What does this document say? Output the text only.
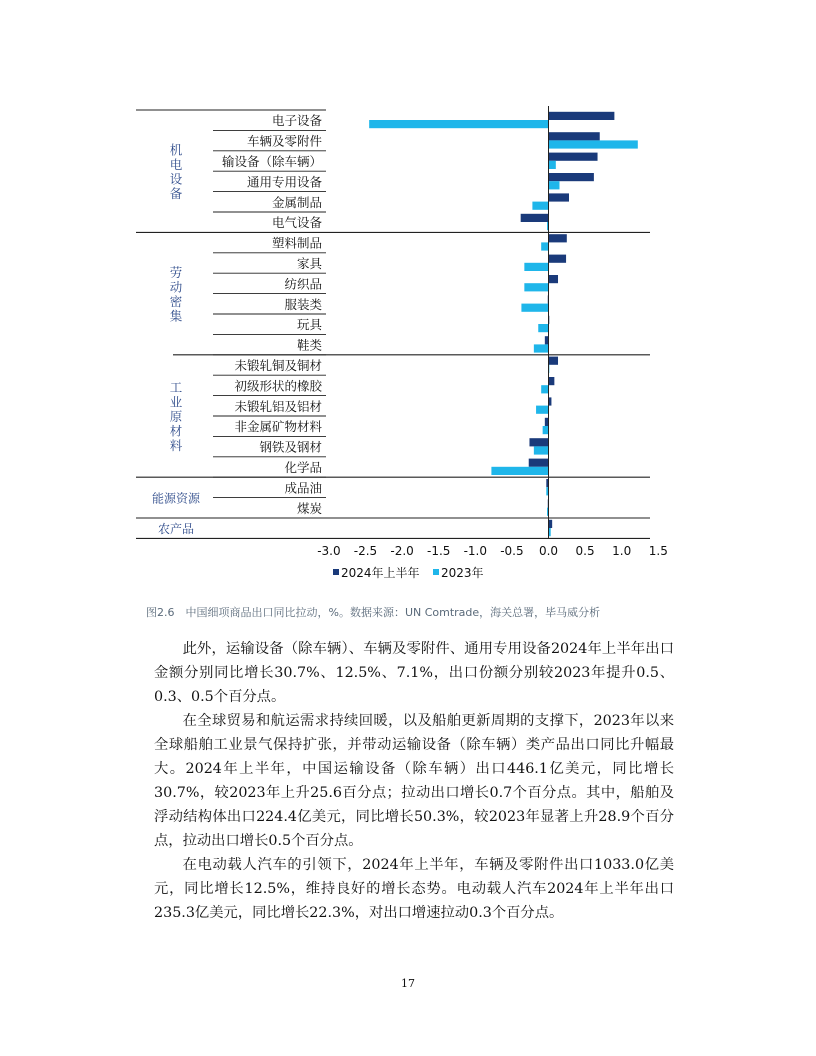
机电设备
劳动密集
工业原材料
能源资源
农产品
电子设备
车辆及零附件
输设备（除车辆）
通用专用设备
金属制品
电气设备
塑料制品
家具
纺织品
服装类
玩具
鞋类
未锻轧铜及铜材
初级形状的橡胶
未锻轧铝及铝材
非金属矿物材料
钢铁及钢材
化学品
成品油
煤炭
-3.0 -2.5 -2.0 -1.5 -1.0 -0.5 0.0 0.5 1.0 1.5
2024年上半年 2023年
图2.6　中国细项商品出口同比拉动，%。数据来源：UN Comtrade，海关总署，毕马威分析

此外，运输设备（除车辆）、车辆及零附件、通用专用设备2024年上半年出口金额分别同比增长30.7%、12.5%、7.1%，出口份额分别较2023年提升0.5、0.3、0.5个百分点。

在全球贸易和航运需求持续回暖，以及船舶更新周期的支撑下，2023年以来全球船舶工业景气保持扩张，并带动运输设备（除车辆）类产品出口同比升幅最大。2024年上半年，中国运输设备（除车辆）出口446.1亿美元，同比增长30.7%，较2023年上升25.6百分点；拉动出口增长0.7个百分点。其中，船舶及浮动结构体出口224.4亿美元，同比增长50.3%，较2023年显著上升28.9个百分点，拉动出口增长0.5个百分点。

在电动载人汽车的引领下，2024年上半年，车辆及零附件出口1033.0亿美元，同比增长12.5%，维持良好的增长态势。电动载人汽车2024年上半年出口235.3亿美元，同比增长22.3%，对出口增速拉动0.3个百分点。

17
